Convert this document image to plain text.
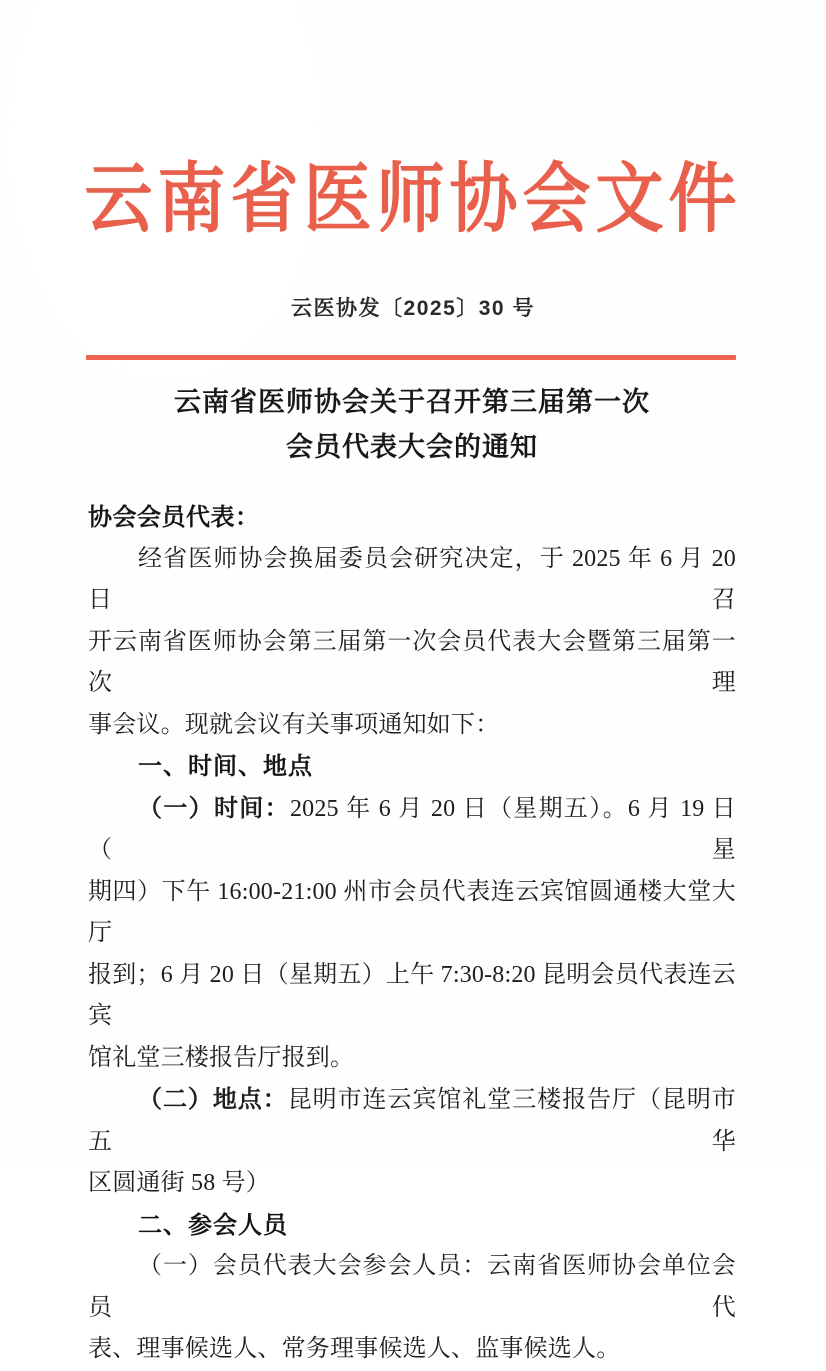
云南省医师协会文件
云医协发〔2025〕30 号
云南省医师协会关于召开第三届第一次
会员代表大会的通知
协会会员代表：
经省医师协会换届委员会研究决定，于 2025 年 6 月 20 日召
开云南省医师协会第三届第一次会员代表大会暨第三届第一次理
事会议。现就会议有关事项通知如下：
一、时间、地点
（一）时间：2025 年 6 月 20 日（星期五）。6 月 19 日（星
期四）下午 16:00-21:00 州市会员代表连云宾馆圆通楼大堂大厅
报到；6 月 20 日（星期五）上午 7:30-8:20 昆明会员代表连云宾
馆礼堂三楼报告厅报到。
（二）地点：昆明市连云宾馆礼堂三楼报告厅（昆明市五华
区圆通街 58 号）
二、参会人员
（一）会员代表大会参会人员：云南省医师协会单位会员代
表、理事候选人、常务理事候选人、监事候选人。
